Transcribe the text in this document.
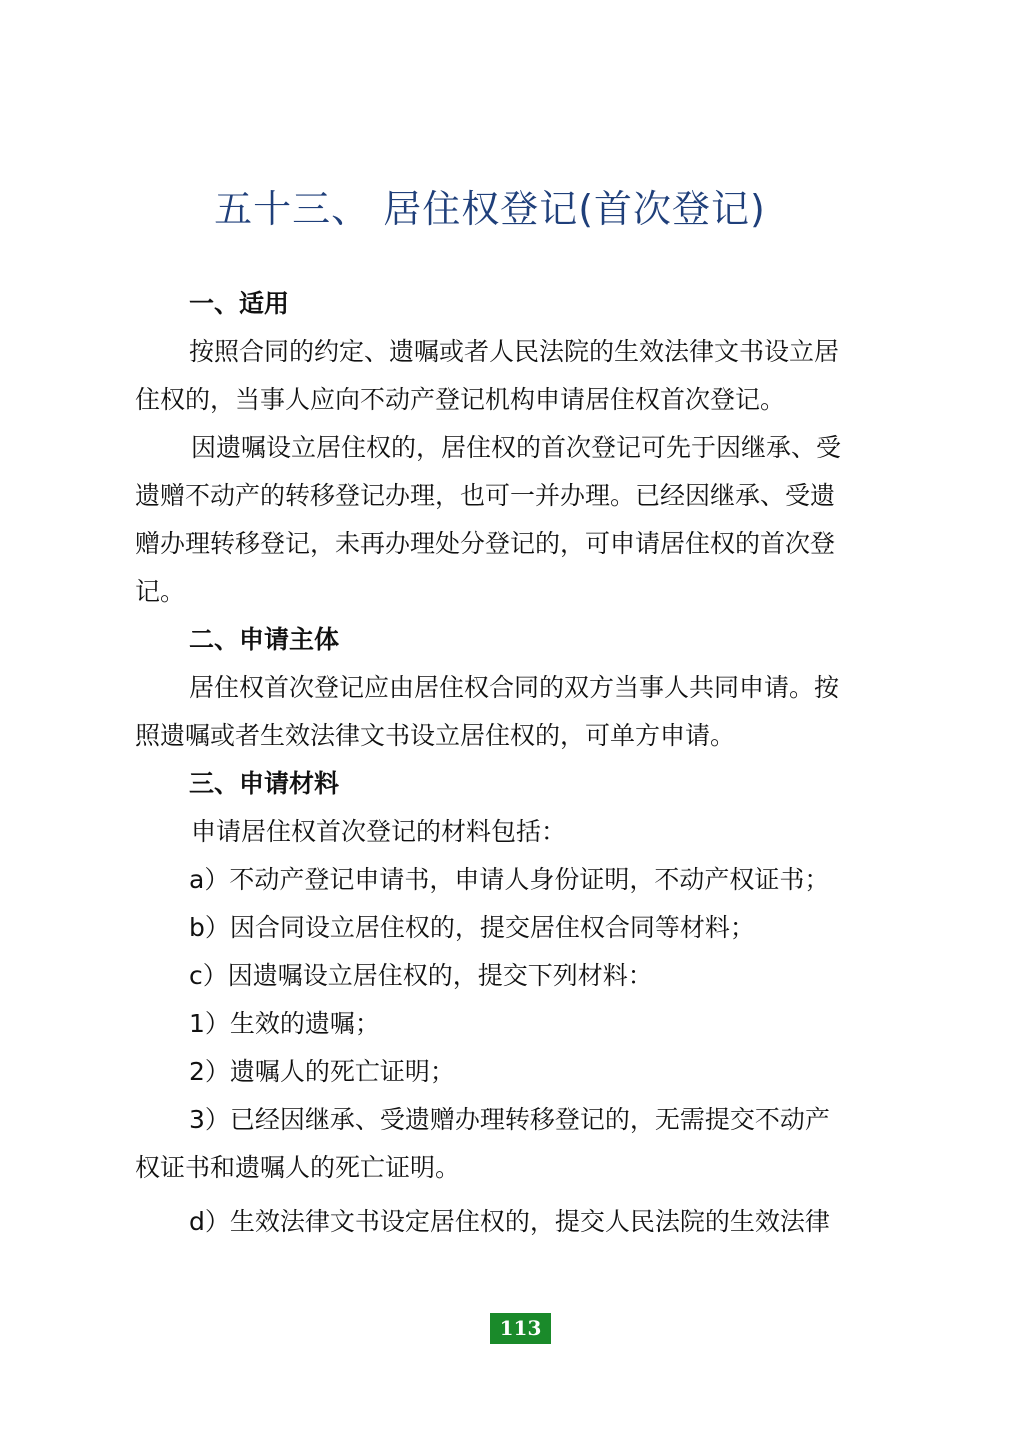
五十三、 居住权登记(首次登记)
一、适用
按照合同的约定、遗嘱或者人民法院的生效法律文书设立居
住权的，当事人应向不动产登记机构申请居住权首次登记。
因遗嘱设立居住权的，居住权的首次登记可先于因继承、受
遗赠不动产的转移登记办理，也可一并办理。已经因继承、受遗
赠办理转移登记，未再办理处分登记的，可申请居住权的首次登
记。
二、申请主体
居住权首次登记应由居住权合同的双方当事人共同申请。按
照遗嘱或者生效法律文书设立居住权的，可单方申请。
三、申请材料
申请居住权首次登记的材料包括：
a）不动产登记申请书，申请人身份证明，不动产权证书；
b）因合同设立居住权的，提交居住权合同等材料；
c）因遗嘱设立居住权的，提交下列材料：
1）生效的遗嘱；
2）遗嘱人的死亡证明；
3）已经因继承、受遗赠办理转移登记的，无需提交不动产
权证书和遗嘱人的死亡证明。
d）生效法律文书设定居住权的，提交人民法院的生效法律
113
